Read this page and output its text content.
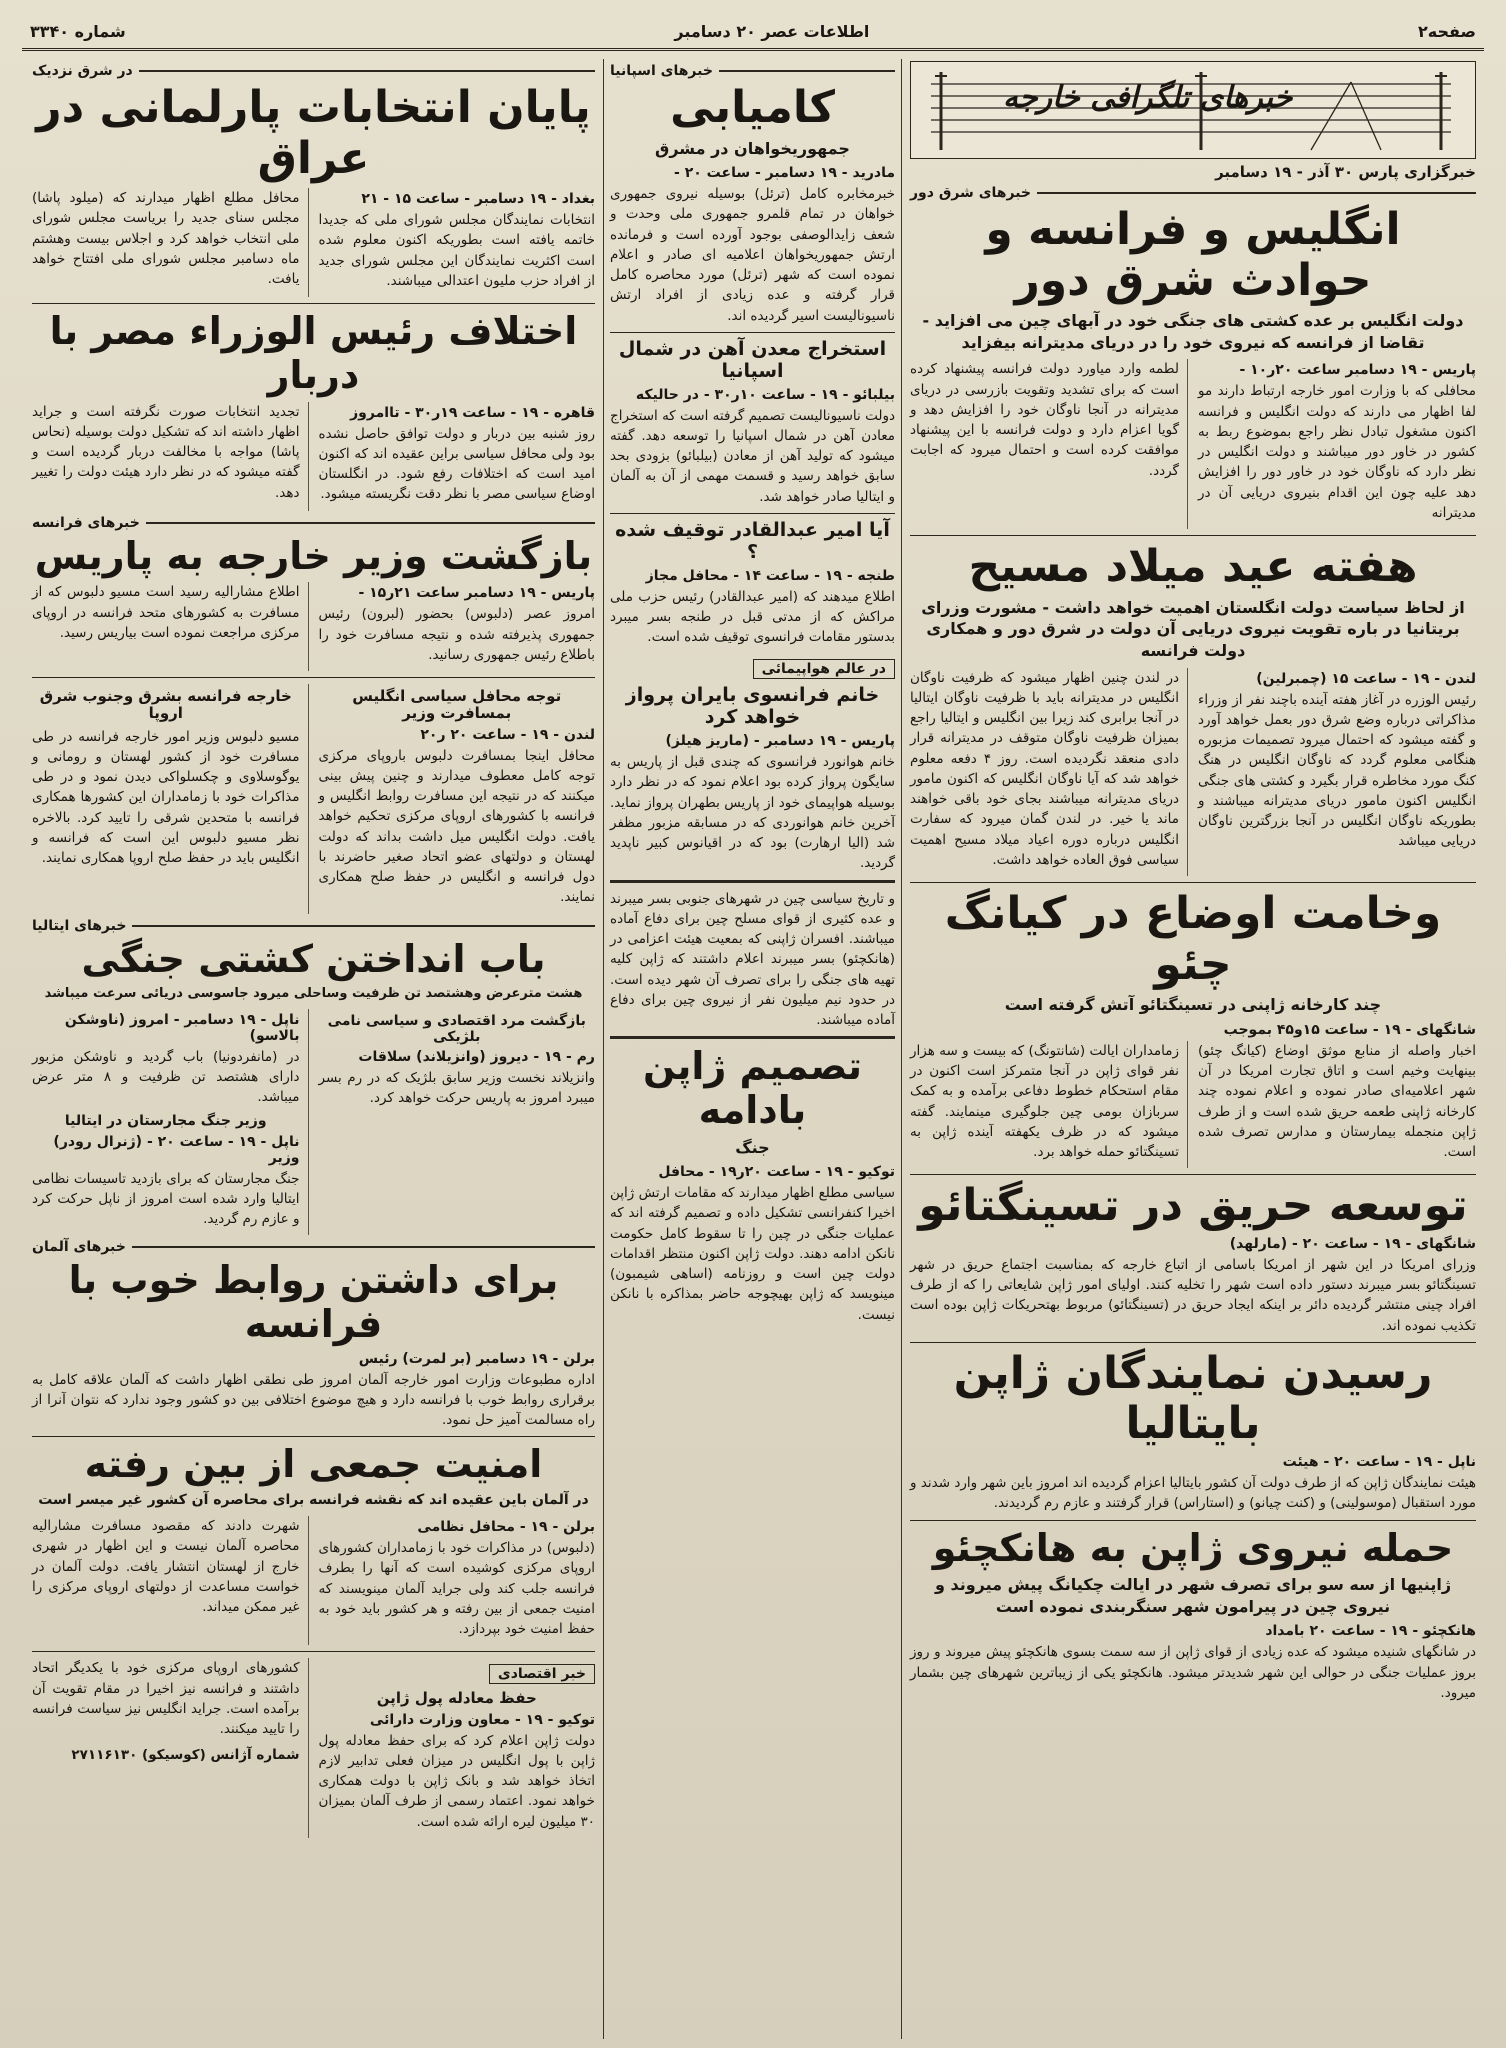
صفحه۲
اطلاعات عصر ۲۰ دسامبر
شماره ۳۳۴۰
خبرهای تلگرافی خارجه
خبرگزاری پارس ۳۰ آذر - ۱۹ دسامبر
خبرهای شرق دور
انگلیس و فرانسه و حوادث شرق دور
دولت انگلیس بر عده کشتی های جنگی خود در آبهای چین می افزاید - تقاضا از فرانسه که نیروی خود را در دریای مدیترانه بیفزاید
پاریس - ۱۹ دسامبر ساعت ۲۰ر۱۰ -

محافلی که با وزارت امور خارجه ارتباط دارند مو لفا اظهار می دارند که دولت انگلیس و فرانسه اکنون مشغول تبادل نظر راجع بموضوع ربط به کشور در خاور دور میباشند و دولت انگلیس در نظر دارد که ناوگان خود در خاور دور را افزایش دهد علیه چون این اقدام بنیروی دریایی آن در مدیترانه

لطمه وارد میاورد دولت فرانسه پیشنهاد کرده است که برای تشدید وتقویت بازرسی در دریای مدیترانه در آنجا ناوگان خود را افزایش دهد و گویا اعزام دارد و دولت فرانسه با این پیشنهاد موافقت کرده است و احتمال میرود که اجابت گردد.

هفته عید میلاد مسیح
از لحاظ سیاست دولت انگلستان اهمیت خواهد داشت - مشورت وزرای بریتانیا در باره تقویت نیروی دریایی آن دولت در شرق دور و همکاری دولت فرانسه
لندن - ۱۹ - ساعت ۱۵ (چمبرلین)

رئیس الوزره در آغاز هفته آینده باچند نفر از وزراء مذاکراتی درباره وضع شرق دور بعمل خواهد آورد و گفته میشود که احتمال میرود تصمیمات مزبوره هنگامی معلوم گردد که ناوگان انگلیس در هنگ کنگ مورد مخاطره قرار بگیرد و کشتی های جنگی انگلیس اکنون مامور دریای مدیترانه میباشند و بطوریکه ناوگان انگلیس در آنجا بزرگترین ناوگان دریایی میباشد

در لندن چنین اظهار میشود که ظرفیت ناوگان انگلیس در مدیترانه باید با ظرفیت ناوگان ایتالیا در آنجا برابری کند زیرا بین انگلیس و ایتالیا راجع بمیزان ظرفیت ناوگان متوقف در مدیترانه قرار دادی منعقد نگردیده است. روز ۴ دفعه معلوم خواهد شد که آیا ناوگان انگلیس که اکنون مامور دریای مدیترانه میباشند بجای خود باقی خواهند ماند یا خیر. در لندن گمان میرود که سفارت انگلیس درباره دوره اعیاد میلاد مسیح اهمیت سیاسی فوق العاده خواهد داشت.

وخامت اوضاع در کیانگ چئو
چند کارخانه ژاپنی در تسینگتائو آتش گرفته است
شانگهای - ۱۹ - ساعت ۱۵و۴۵ بموجب

اخبار واصله از منابع موثق اوضاع (کیانگ چئو) بینهایت وخیم است و اتاق تجارت امریکا در آن شهر اعلامیه‌ای صادر نموده و اعلام نموده چند کارخانه ژاپنی طعمه حریق شده است و از طرف ژاپن منجمله بیمارستان و مدارس تصرف شده است.

زمامداران ایالت (شانتونگ) که بیست و سه هزار نفر قوای ژاپن در آنجا متمرکز است اکنون در مقام استحکام خطوط دفاعی برآمده و به کمک سربازان بومی چین جلوگیری مینمایند. گفته میشود که در ظرف یکهفته آینده ژاپن به تسینگتائو حمله خواهد برد.

توسعه حریق در تسینگتائو
شانگهای - ۱۹ - ساعت ۲۰ - (مارلهد)

وزرای امریکا در این شهر از امریکا باسامی از اتباع خارجه که بمناسبت اجتماع حریق در شهر تسینگتائو بسر میبرند دستور داده است شهر را تخلیه کنند. اولیای امور ژاپن شایعاتی را که از طرف افراد چینی منتشر گردیده دائر بر اینکه ایجاد حریق در (تسینگتائو) مربوط بهتحریکات ژاپن بوده است تکذیب نموده اند.

رسیدن نمایندگان ژاپن بایتالیا
ناپل - ۱۹ - ساعت ۲۰ - هیئت

هیئت نمایندگان ژاپن که از طرف دولت آن کشور بایتالیا اعزام گردیده اند امروز باین شهر وارد شدند و مورد استقبال (موسولینی) و (کنت چیانو) و (استاراس) قرار گرفتند و عازم رم گردیدند.

حمله نیروی ژاپن به هانکچئو
ژاپنیها از سه سو برای تصرف شهر در ایالت چکیانگ پیش میروند و نیروی چین در پیرامون شهر سنگربندی نموده است
هانکچئو - ۱۹ - ساعت ۲۰ بامداد

در شانگهای شنیده میشود که عده زیادی از قوای ژاپن از سه سمت بسوی هانکچئو پیش میروند و روز بروز عملیات جنگی در حوالی این شهر شدیدتر میشود. هانکچئو یکی از زیباترین شهرهای چین بشمار میرود.

خبرهای اسپانیا
کامیابی
جمهوریخواهان در مشرق
مادرید - ۱۹ دسامبر - ساعت ۲۰ -

خبرمخابره کامل (ترئل) بوسیله نیروی جمهوری خواهان در تمام قلمرو جمهوری ملی وحدت و شعف زایدالوصفی بوجود آورده است و فرمانده ارتش جمهوریخواهان اعلامیه ای صادر و اعلام نموده است که شهر (ترئل) مورد محاصره کامل قرار گرفته و عده زیادی از افراد ارتش ناسیونالیست اسیر گردیده اند.

استخراج معدن آهن در شمال اسپانیا
بیلبائو - ۱۹ - ساعت ۱۰ر۳۰ - در حالیکه

دولت ناسیونالیست تصمیم گرفته است که استخراج معادن آهن در شمال اسپانیا را توسعه دهد. گفته میشود که تولید آهن از معادن (بیلبائو) بزودی بحد سابق خواهد رسید و قسمت مهمی از آن به آلمان و ایتالیا صادر خواهد شد.

آیا امیر عبدالقادر توقیف شده ؟
طنجه - ۱۹ - ساعت ۱۴ - محافل مجاز

اطلاع میدهند که (امیر عبدالقادر) رئیس حزب ملی مراکش که از مدتی قبل در طنجه بسر میبرد بدستور مقامات فرانسوی توقیف شده است.

در عالم هواپیمائی
خانم فرانسوی بایران پرواز خواهد کرد
پاریس - ۱۹ دسامبر - (ماریز هیلز)

خانم هوانورد فرانسوی که چندی قبل از پاریس به سایگون پرواز کرده بود اعلام نمود که در نظر دارد بوسیله هواپیمای خود از پاریس بطهران پرواز نماید. آخرین خانم هوانوردی که در مسابقه مزبور مظفر شد (الیا ارهارت) بود که در اقیانوس کبیر ناپدید گردید.

و تاریخ سیاسی چین در شهرهای جنوبی بسر میبرند و عده کثیری از قوای مسلح چین برای دفاع آماده میباشند. افسران ژاپنی که بمعیت هیئت اعزامی در (هانکچئو) بسر میبرند اعلام داشتند که ژاپن کلیه تهیه های جنگی را برای تصرف آن شهر دیده است. در حدود نیم میلیون نفر از نیروی چین برای دفاع آماده میباشند.

تصمیم ژاپن بادامه
جنگ
توکیو - ۱۹ - ساعت ۲۰ر۱۹ - محافل

سیاسی مطلع اظهار میدارند که مقامات ارتش ژاپن اخیرا کنفرانسی تشکیل داده و تصمیم گرفته اند که عملیات جنگی در چین را تا سقوط کامل حکومت نانکن ادامه دهند. دولت ژاپن اکنون منتظر اقدامات دولت چین است و روزنامه (اساهی شیمبون) مینویسد که ژاپن بهیچوجه حاضر بمذاکره با نانکن نیست.

در شرق نزدیک
پایان انتخابات پارلمانی در عراق
بغداد - ۱۹ دسامبر - ساعت ۱۵ - ۲۱

انتخابات نمایندگان مجلس شورای ملی که جدیدا خاتمه یافته است بطوریکه اکنون معلوم شده است اکثریت نمایندگان این مجلس شورای جدید از افراد حزب ملیون اعتدالی میباشند.

محافل مطلع اظهار میدارند که (میلود پاشا) مجلس سنای جدید را بریاست مجلس شورای ملی انتخاب خواهد کرد و اجلاس بیست وهشتم ماه دسامبر مجلس شورای ملی افتتاح خواهد یافت.

اختلاف رئیس الوزراء مصر با دربار
قاهره - ۱۹ - ساعت ۱۹ر۳۰ - تاامروز

روز شنبه بین دربار و دولت توافق حاصل نشده بود ولی محافل سیاسی براین عقیده اند که اکنون امید است که اختلافات رفع شود. در انگلستان اوضاع سیاسی مصر با نظر دقت نگریسته میشود.

تجدید انتخابات صورت نگرفته است و جراید اظهار داشته اند که تشکیل دولت بوسیله (نحاس پاشا) مواجه با مخالفت دربار گردیده است و گفته میشود که در نظر دارد هیئت دولت را تغییر دهد.

خبرهای فرانسه
بازگشت وزیر خارجه به پاریس
پاریس - ۱۹ دسامبر ساعت ۲۱ر۱۵ -

امروز عصر (دلبوس) بحضور (لبرون) رئیس جمهوری پذیرفته شده و نتیجه مسافرت خود را باطلاع رئیس جمهوری رسانید.

اطلاع مشاراليه رسید است مسیو دلبوس که از مسافرت به کشورهای متحد فرانسه در اروپای مرکزی مراجعت نموده است بیاریس رسید.

توجه محافل سیاسی انگلیس بمسافرت وزیر
لندن - ۱۹ - ساعت ۲۰ ر۲۰

محافل اینجا بمسافرت دلبوس باروپای مرکزی توجه کامل معطوف میدارند و چنین پیش بینی میکنند که در نتیجه این مسافرت روابط انگلیس و فرانسه با کشورهای اروپای مرکزی تحکیم خواهد یافت. دولت انگلیس میل داشت بداند که دولت لهستان و دولتهای عضو اتحاد صغیر حاضرند با دول فرانسه و انگلیس در حفظ صلح همکاری نمایند.

خارجه فرانسه بشرق وجنوب شرق اروپا

مسیو دلبوس وزیر امور خارجه فرانسه در طی مسافرت خود از کشور لهستان و رومانی و یوگوسلاوی و چکسلواکی دیدن نمود و در طی مذاکرات خود با زمامداران این کشورها همکاری فرانسه با متحدین شرقی را تایید کرد. بالاخره نظر مسیو دلبوس این است که فرانسه و انگلیس باید در حفظ صلح اروپا همکاری نمایند.

خبرهای ایتالیا
باب انداختن کشتی جنگی
هشت مترعرض وهشتصد تن ظرفیت وساحلی میرود جاسوسی دریائی سرعت میباشد
بازگشت مرد اقتصادی و سیاسی نامی بلژیکی
رم - ۱۹ - دیروز (وانزیلاند) سلاقات

وانزیلاند نخست وزیر سابق بلژیک که در رم بسر میبرد امروز به پاریس حرکت خواهد کرد.

ناپل - ۱۹ دسامبر - امروز (ناوشکن بالاسو)

در (مانفردونیا) باب گردید و ناوشکن مزبور دارای هشتصد تن ظرفیت و ۸ متر عرض میباشد.

وزیر جنگ مجارستان در ایتالیا
ناپل - ۱۹ - ساعت ۲۰ - (ژنرال رودر) وزیر

جنگ مجارستان که برای بازدید تاسیسات نظامی ایتالیا وارد شده است امروز از ناپل حرکت کرد و عازم رم گردید.

خبرهای آلمان
برای داشتن روابط خوب با فرانسه
برلن - ۱۹ دسامبر (بر لمرت) رئیس

اداره مطبوعات وزارت امور خارجه آلمان امروز طی نطقی اظهار داشت که آلمان علاقه کامل به برقراری روابط خوب با فرانسه دارد و هیچ موضوع اختلافی بین دو کشور وجود ندارد که نتوان آنرا از راه مسالمت آمیز حل نمود.

امنیت جمعی از بین رفته
در آلمان باین عقیده اند که نقشه فرانسه برای محاصره آن کشور غیر میسر است
برلن - ۱۹ - محافل نظامی

(دلبوس) در مذاکرات خود با زمامداران کشورهای اروپای مرکزی کوشیده است که آنها را بطرف فرانسه جلب کند ولی جراید آلمان مینویسند که امنیت جمعی از بین رفته و هر کشور باید خود به حفظ امنیت خود بپردازد.

شهرت دادند که مقصود مسافرت مشاراليه محاصره آلمان نیست و این اظهار در شهری خارج از لهستان انتشار یافت. دولت آلمان در خواست مساعدت از دولتهای اروپای مرکزی را غیر ممکن میداند.

خبر اقتصادی
حفظ معادله پول ژاپن
توکیو - ۱۹ - معاون وزارت دارائی

دولت ژاپن اعلام کرد که برای حفظ معادله پول ژاپن با پول انگلیس در میزان فعلی تدابیر لازم اتخاذ خواهد شد و بانک ژاپن با دولت همکاری خواهد نمود. اعتماد رسمی از طرف آلمان بمیزان ۳۰ میلیون لیره ارائه شده است.

کشورهای اروپای مرکزی خود با یکدیگر اتحاد داشتند و فرانسه نیز اخیرا در مقام تقویت آن برآمده است. جراید انگلیس نیز سیاست فرانسه را تایید میکنند.

شماره آژانس (کوسیکو) ۲۷۱۱۶۱۳۰
